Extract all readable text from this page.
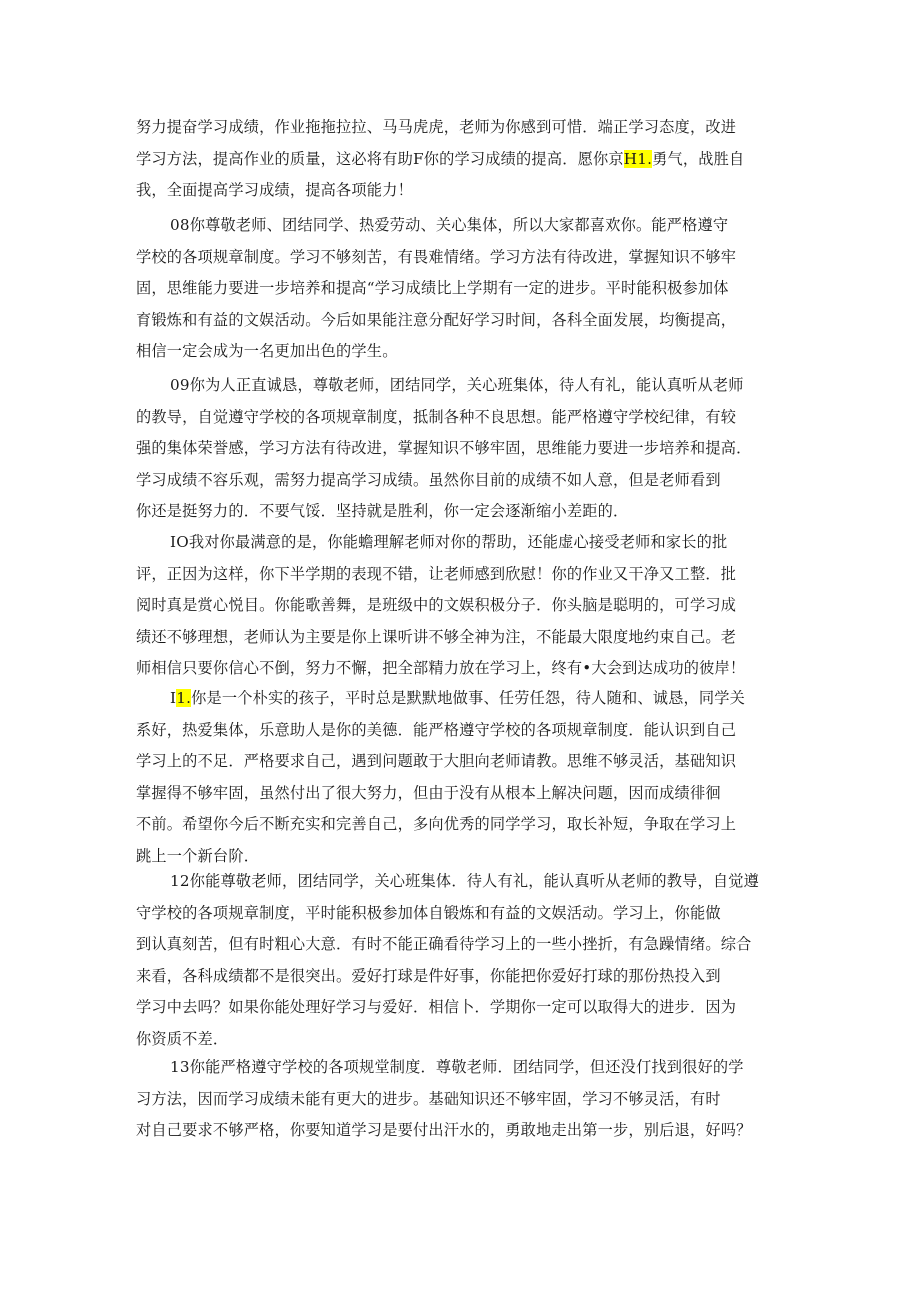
努力提奋学习成绩，作业拖拖拉拉、马马虎虎，老师为你感到可惜．端正学习态度，改进
学习方法，提高作业的质量，这必将有助F你的学习成绩的提高．愿你京H1.勇气，战胜自
我，全面提高学习成绩，提高各项能力！
08你尊敬老师、团结同学、热爱劳动、关心集体，所以大家都喜欢你。能严格遵守
学校的各项规章制度。学习不够刻苦，有畏难情绪。学习方法有待改进，掌握知识不够牢
固，思维能力要进一步培养和提高“学习成绩比上学期有一定的进步。平时能积极参加体
育锻炼和有益的文娱活动。今后如果能注意分配好学习时间，各科全面发展，均衡提高，
相信一定会成为一名更加出色的学生。
09你为人正直诚恳，尊敬老师，团结同学，关心班集体，待人有礼，能认真听从老师
的教导，自觉遵守学校的各项规章制度，抵制各种不良思想。能严格遵守学校纪律，有较
强的集体荣誉感，学习方法有待改进，掌握知识不够牢固，思维能力要进一步培养和提高．
学习成绩不容乐观，需努力提高学习成绩。虽然你目前的成绩不如人意，但是老师看到
你还是挺努力的．不要气馁．坚持就是胜利，你一定会逐渐缩小差距的．
IO我对你最满意的是，你能蟾理解老师对你的帮助，还能虚心接受老师和家长的批
评，正因为这样，你下半学期的表现不错，让老师感到欣慰！你的作业又干净又工整．批
阅时真是赏心悦目。你能歌善舞，是班级中的文娱积极分子．你头脑是聪明的，可学习成
绩还不够理想，老师认为主要是你上课听讲不够全神为注，不能最大限度地约束自己。老
师相信只要你信心不倒，努力不懈，把全部精力放在学习上，终有•大会到达成功的彼岸！
I1.你是一个朴实的孩子，平时总是默默地做事、任劳任怨，待人随和、诚恳，同学关
系好，热爱集体，乐意助人是你的美德．能严格遵守学校的各项规章制度．能认识到自己
学习上的不足．严格要求自己，遇到问题敢于大胆向老师请教。思维不够灵活，基础知识
掌握得不够牢固，虽然付出了很大努力，但由于没有从根本上解决问题，因而成绩徘徊
不前。希望你今后不断充实和完善自己，多向优秀的同学学习，取长补短，争取在学习上
跳上一个新台阶．
12你能尊敬老师，团结同学，关心班集体．待人有礼，能认真听从老师的教导，自觉遵
守学校的各项规章制度，平时能积极参加体自锻炼和有益的文娱活动。学习上，你能做
到认真刻苦，但有时粗心大意．有时不能正确看待学习上的一些小挫折，有急躁情绪。综合
来看，各科成绩都不是很突出。爱好打球是件好事，你能把你爱好打球的那份热投入到
学习中去吗？如果你能处理好学习与爱好．相信卜．学期你一定可以取得大的进步．因为
你资质不差．
13你能严格遵守学校的各项规堂制度．尊敬老师．团结同学，但还没仃找到很好的学
习方法，因而学习成绩未能有更大的进步。基础知识还不够牢固，学习不够灵活，有时
对自己要求不够严格，你要知道学习是要付出汗水的，勇敢地走出第一步，别后退，好吗？
